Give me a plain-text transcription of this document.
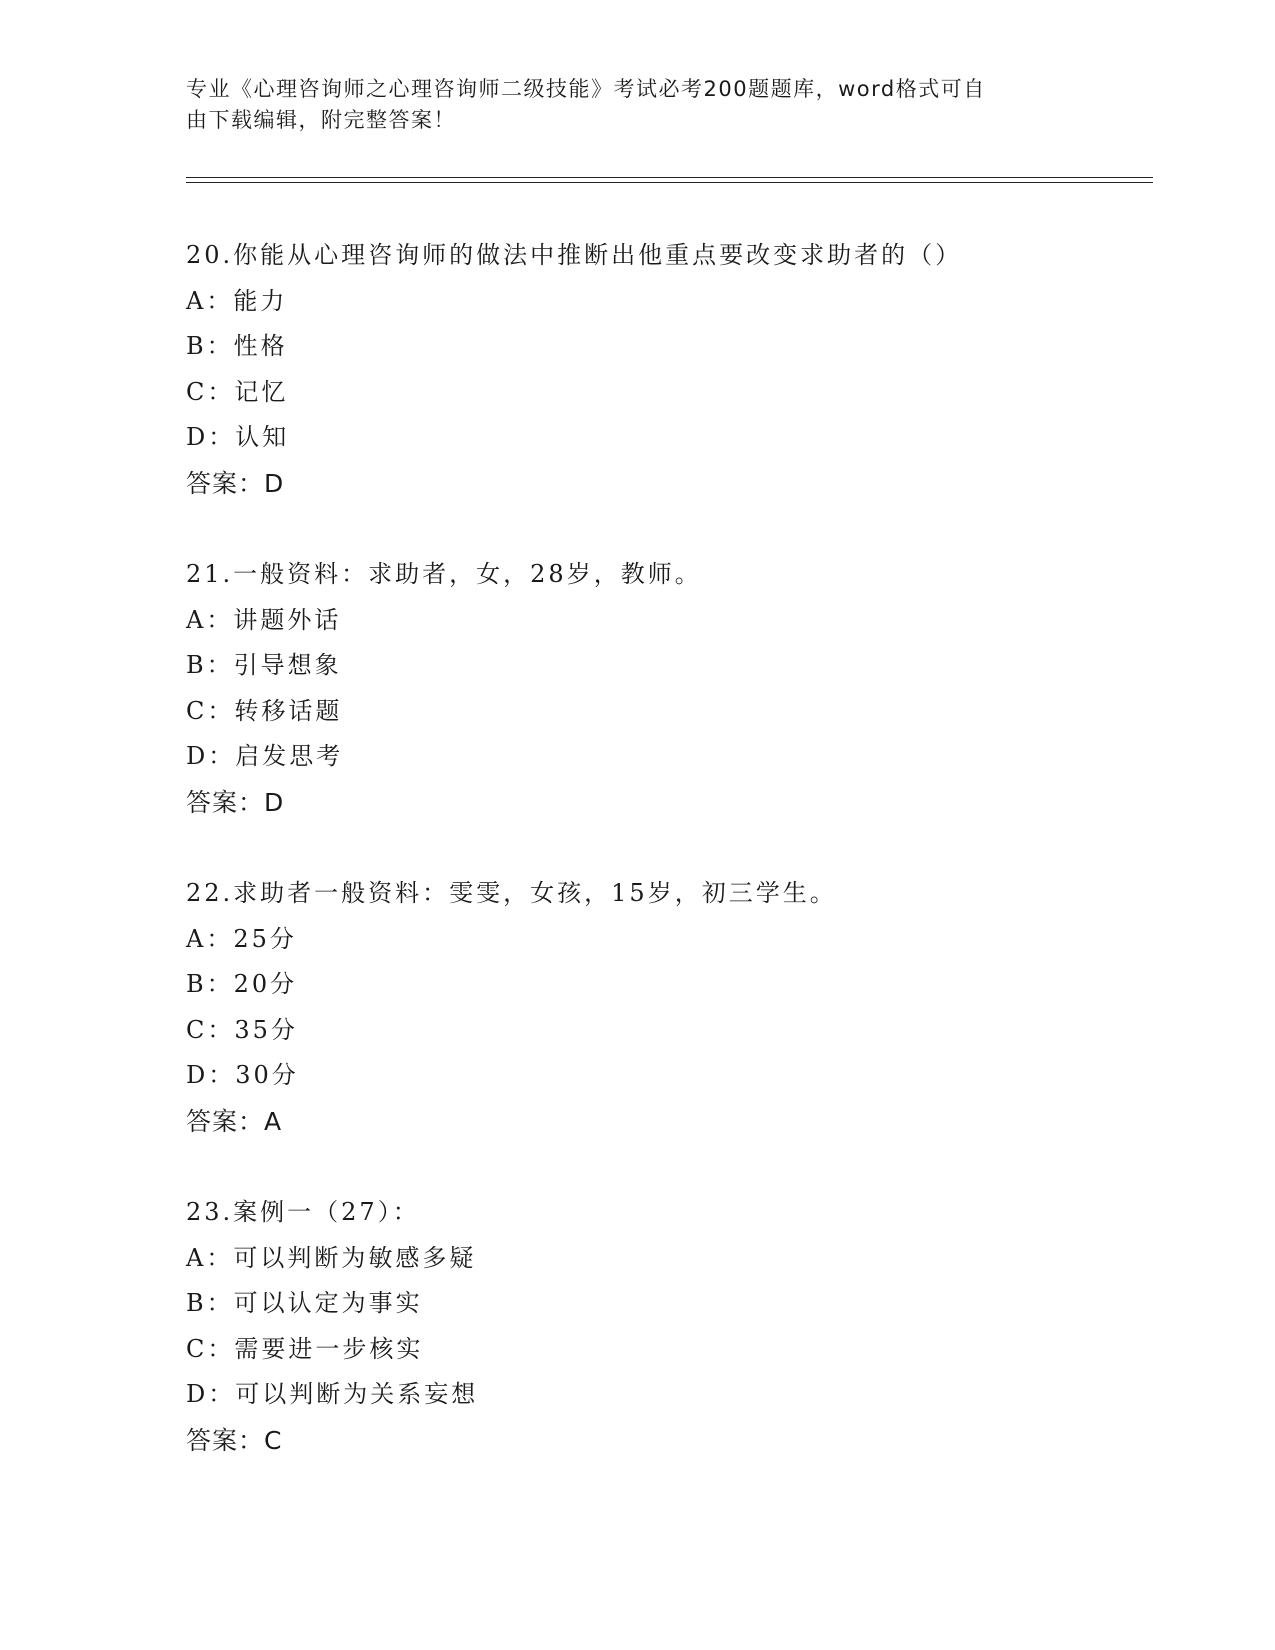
专业《心理咨询师之心理咨询师二级技能》考试必考200题题库，word格式可自
由下载编辑，附完整答案！
20.你能从心理咨询师的做法中推断出他重点要改变求助者的（）
A：能力
B：性格
C：记忆
D：认知
答案：D
21.一般资料：求助者，女，28岁，教师。
A：讲题外话
B：引导想象
C：转移话题
D：启发思考
答案：D
22.求助者一般资料：雯雯，女孩，15岁，初三学生。
A：25分
B：20分
C：35分
D：30分
答案：A
23.案例一（27）：
A：可以判断为敏感多疑
B：可以认定为事实
C：需要进一步核实
D：可以判断为关系妄想
答案：C
